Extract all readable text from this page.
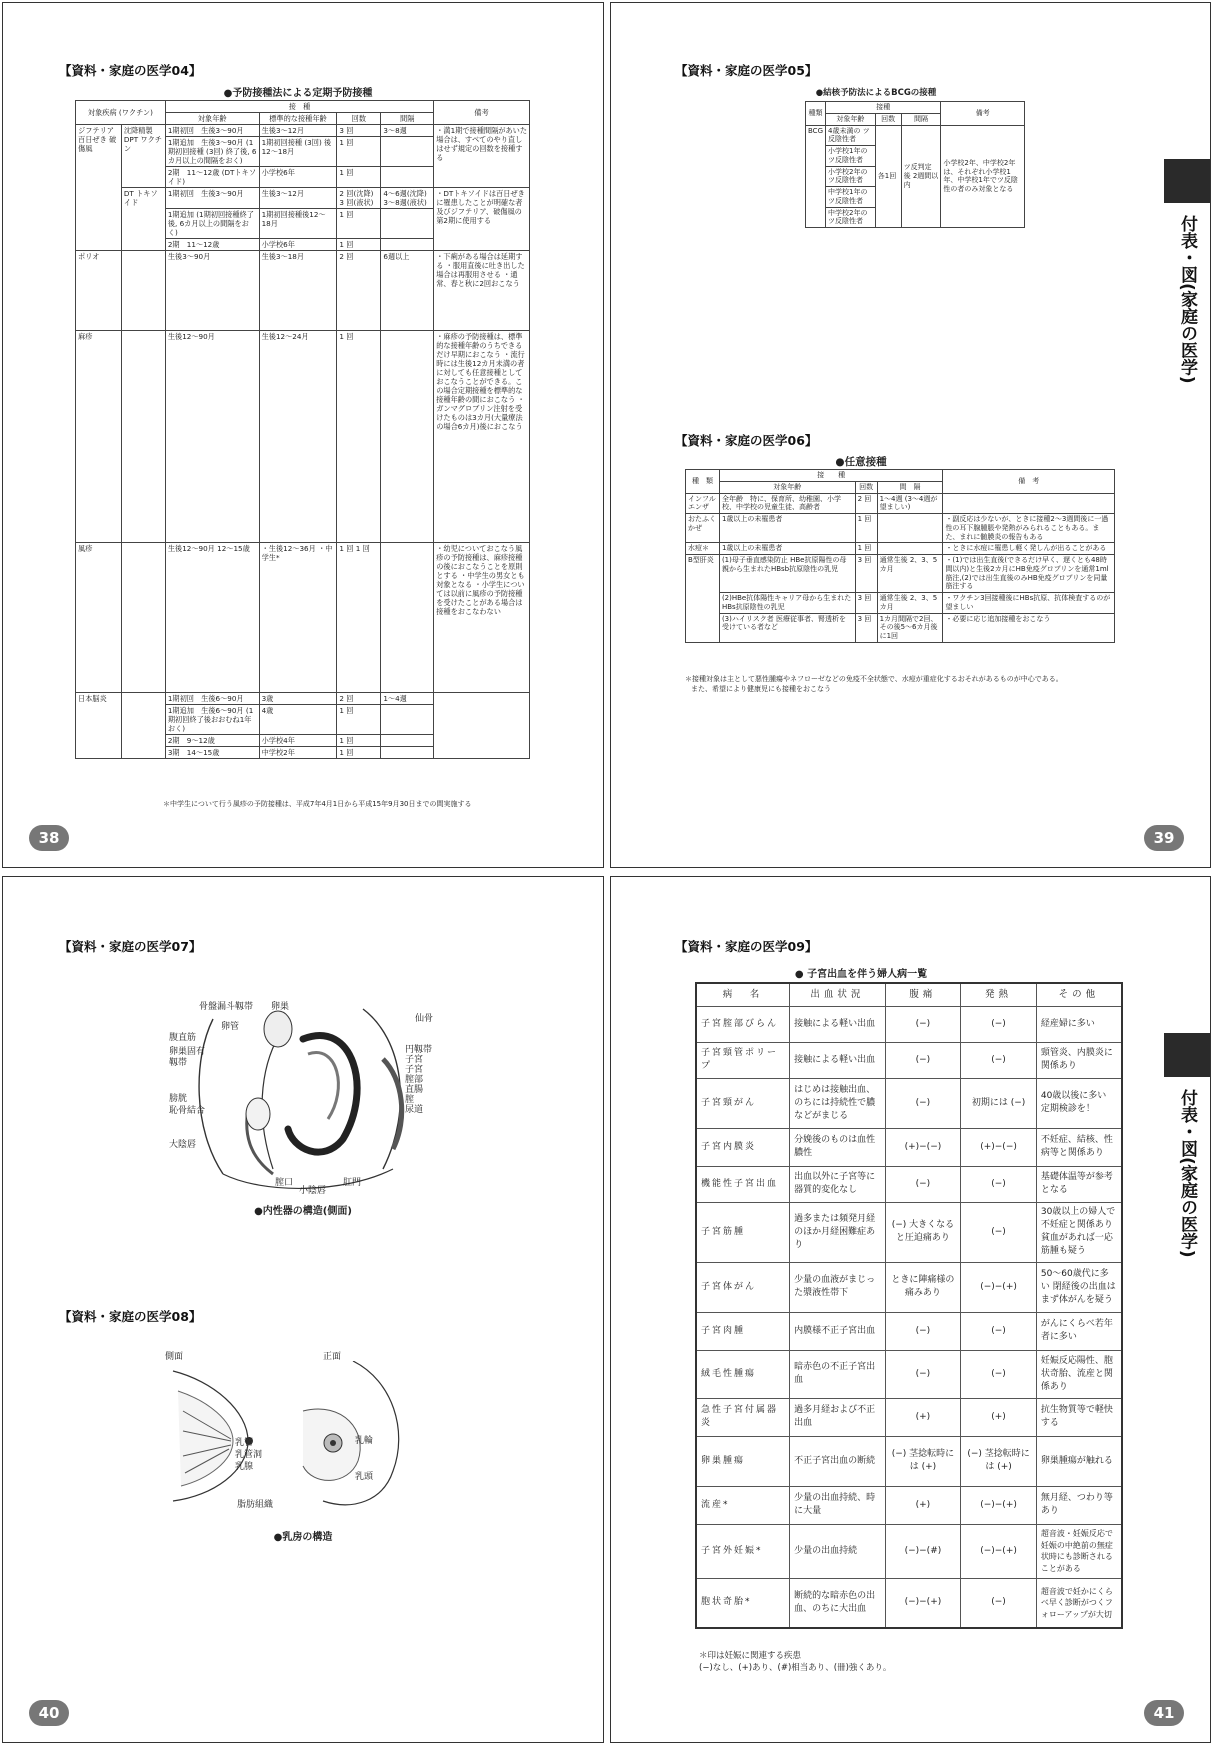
【資料・家庭の医学04】
●予防接種法による定期予防接種
対象疾病 (ワクチン)		接　種				備考
		対象年齢	標準的な接種年齢	回数	間隔	
ジフテリア 百日ぜき 破傷風	沈降精製 DPT ワクチン	1期初回　生後3〜90月	生後3〜12月	3 回	3〜8週	・満1期で接種間隔があいた場合は、すべてのやり直しはせず規定の回数を接種する
		1期追加　生後3〜90月 (1期初回接種 (3回) 終了後, 6カ月以上の間隔をおく)	1期初回接種 (3回) 後12〜18月	1 回		
		2期　11〜12歳 (DTトキソイド)	小学校6年	1 回		
	DT トキソイド	1期初回　生後3〜90月	生後3〜12月	2 回(沈降) 3 回(液状)	4〜6週(沈降) 3〜8週(液状)	・DTトキソイドは百日ぜきに罹患したことが明確な者及びジフテリア、破傷風の第2期に使用する
		1期追加 (1期初回接種終了後, 6カ月以上の間隔をおく)	1期初回接種後12〜18月	1 回		
		2期　11〜12歳	小学校6年	1 回		
ポリオ		生後3〜90月	生後3〜18月	2 回	6週以上	・下痢がある場合は延期する ・服用直後に吐き出した場合は再服用させる ・通常、春と秋に2回おこなう
麻疹		生後12〜90月	生後12〜24月	1 回		・麻疹の予防接種は、標準的な接種年齢のうちできるだけ早期におこなう ・流行時には生後12カ月未満の者に対しても任意接種としておこなうことができる。この場合定期接種を標準的な接種年齢の間におこなう ・ガンマグロブリン注射を受けたものは3カ月(大量療法の場合6カ月)後におこなう
風疹		生後12〜90月 12〜15歳	・生後12〜36月 ・中学生*	1 回 1 回		・幼児についておこなう風疹の予防接種は、麻疹接種の後におこなうことを原則とする ・中学生の男女とも対象となる ・小学生については以前に風疹の予防接種を受けたことがある場合は接種をおこなわない
日本脳炎		1期初回　生後6〜90月	3歳	2 回	1〜4週	
		1期追加　生後6〜90月 (1期初回終了後おおむね1年おく)	4歳	1 回		
		2期　9〜12歳	小学校4年	1 回		
		3期　14〜15歳	中学校2年	1 回		
＊中学生について行う風疹の予防接種は、平成7年4月1日から平成15年9月30日までの間実施する
38
【資料・家庭の医学05】
●結核予防法によるBCGの接種
種類	接種			備考
	対象年齢	回数	間隔	
BCG	4歳未満の ツ反陰性者	各1回	ツ反判定後 2週間以内	小学校2年、中学校2年は、それぞれ小学校1年、中学校1年でツ反陰性の者のみ対象となる
	小学校1年の ツ反陰性者			
	小学校2年の ツ反陰性者			
	中学校1年の ツ反陰性者			
	中学校2年の ツ反陰性者			
【資料・家庭の医学06】
●任意接種
種　類	接　　種			備　考
	対象年齢	回数	間　隔	
インフルエンザ	全年齢　特に、保育所、幼稚園、小学校、中学校の児童生徒、高齢者	2 回	1〜4週 (3〜4週が望ましい)	
おたふくかぜ	1歳以上の未罹患者	1 回		・副反応は少ないが、ときに接種2〜3週間後に一過性の耳下腺腫脹や発熱がみられることもある。また、まれに髄膜炎の報告もある
水痘＊	1歳以上の未罹患者	1 回		・ときに水痘に罹患し軽く発しんが出ることがある
B型肝炎	(1)母子垂直感染防止 HBe抗原陽性の母親から生まれたHBsb抗原陰性の乳児	3 回	通常生後 2、3、5カ月	・(1)では出生直後(できるだけ早く、遅くとも48時間以内)と生後2カ月にHB免疫グロブリンを通常1ml筋注,(2)では出生直後のみHB免疫グロブリンを同量筋注する
	(2)HBe抗体陽性キャリア母から生まれたHBs抗原陰性の乳児	3 回	通常生後 2、3、5カ月	・ワクチン3回接種後にHBs抗原、抗体検査するのが望ましい
	(3)ハイリスク者 医療従事者、腎透析を受けている者など	3 回	1カ月間隔で2回、その後5〜6カ月後に1回	・必要に応じ追加接種をおこなう
＊接種対象は主として悪性腫瘍やネフローゼなどの免疫不全状態で、水痘が重症化するおそれがあるものが中心である。
また、希望により健康児にも接種をおこなう
付表・図(家庭の医学)
39
【資料・家庭の医学07】
骨盤漏斗靱帯 卵巣
卵管
仙骨
腹直筋
卵巣固有靱帯
円靱帯
子宮
子宮
膣部
直腸
膣
尿道
膀胱
恥骨結合
大陰唇
膣口
小陰唇
肛門
●内性器の構造(側面)
【資料・家庭の医学08】
側面	正面
乳管
乳管洞
乳腺
脂肪組織
乳輪
乳頭
●乳房の構造
40
【資料・家庭の医学09】
● 子宮出血を伴う婦人病一覧
病　名	出血状況	腹痛	発熱	その他
子宮腟部びらん	接触による軽い出血	(−)	(−)	経産婦に多い
子宮頸管ポリープ	接触による軽い出血	(−)	(−)	頸管炎、内膜炎に関係あり
子宮頸がん	はじめは接触出血、のちには持続性で膿などがまじる	(−)	初期には (−)	40歳以後に多い 定期検診を！
子宮内膜炎	分娩後のものは血性膿性	(+)−(−)	(+)−(−)	不妊症、結核、性病等と関係あり
機能性子宮出血	出血以外に子宮等に器質的変化なし	(−)	(−)	基礎体温等が参考となる
子宮筋腫	過多または頻発月経のほか月経困難症あり	(−) 大きくなると圧迫痛あり	(−)	30歳以上の婦人で不妊症と関係あり 貧血があれば一応筋腫も疑う
子宮体がん	少量の血液がまじった漿液性帯下	ときに陣痛様の痛みあり	(−)−(+)	50〜60歳代に多い 閉経後の出血はまず体がんを疑う
子宮肉腫	内膜様不正子宮出血	(−)	(−)	がんにくらべ若年者に多い
絨毛性腫瘍	暗赤色の不正子宮出血	(−)	(−)	妊娠反応陽性、胞状奇胎、流産と関係あり
急性子宮付属器炎	過多月経および不正出血	(+)	(+)	抗生物質等で軽快する
卵巣腫瘍	不正子宮出血の断続	(−) 茎捻転時には (+)	(−) 茎捻転時には (+)	卵巣腫瘍が触れる
流産*	少量の出血持続、時に大量	(+)	(−)−(+)	無月経、つわり等あり
子宮外妊娠*	少量の出血持続	(−)−(#)	(−)−(+)	超音波・妊娠反応で妊娠の中絶前の無症状時にも診断されることがある
胞状奇胎*	断続的な暗赤色の出血、のちに大出血	(−)−(+)	(−)	超音波で妊かにくらべ早く診断がつくフォローアップが大切
＊印は妊娠に関連する疾患
(−)なし、(+)あり、(#)相当あり、(卌)強くあり。
付表・図(家庭の医学)
41
